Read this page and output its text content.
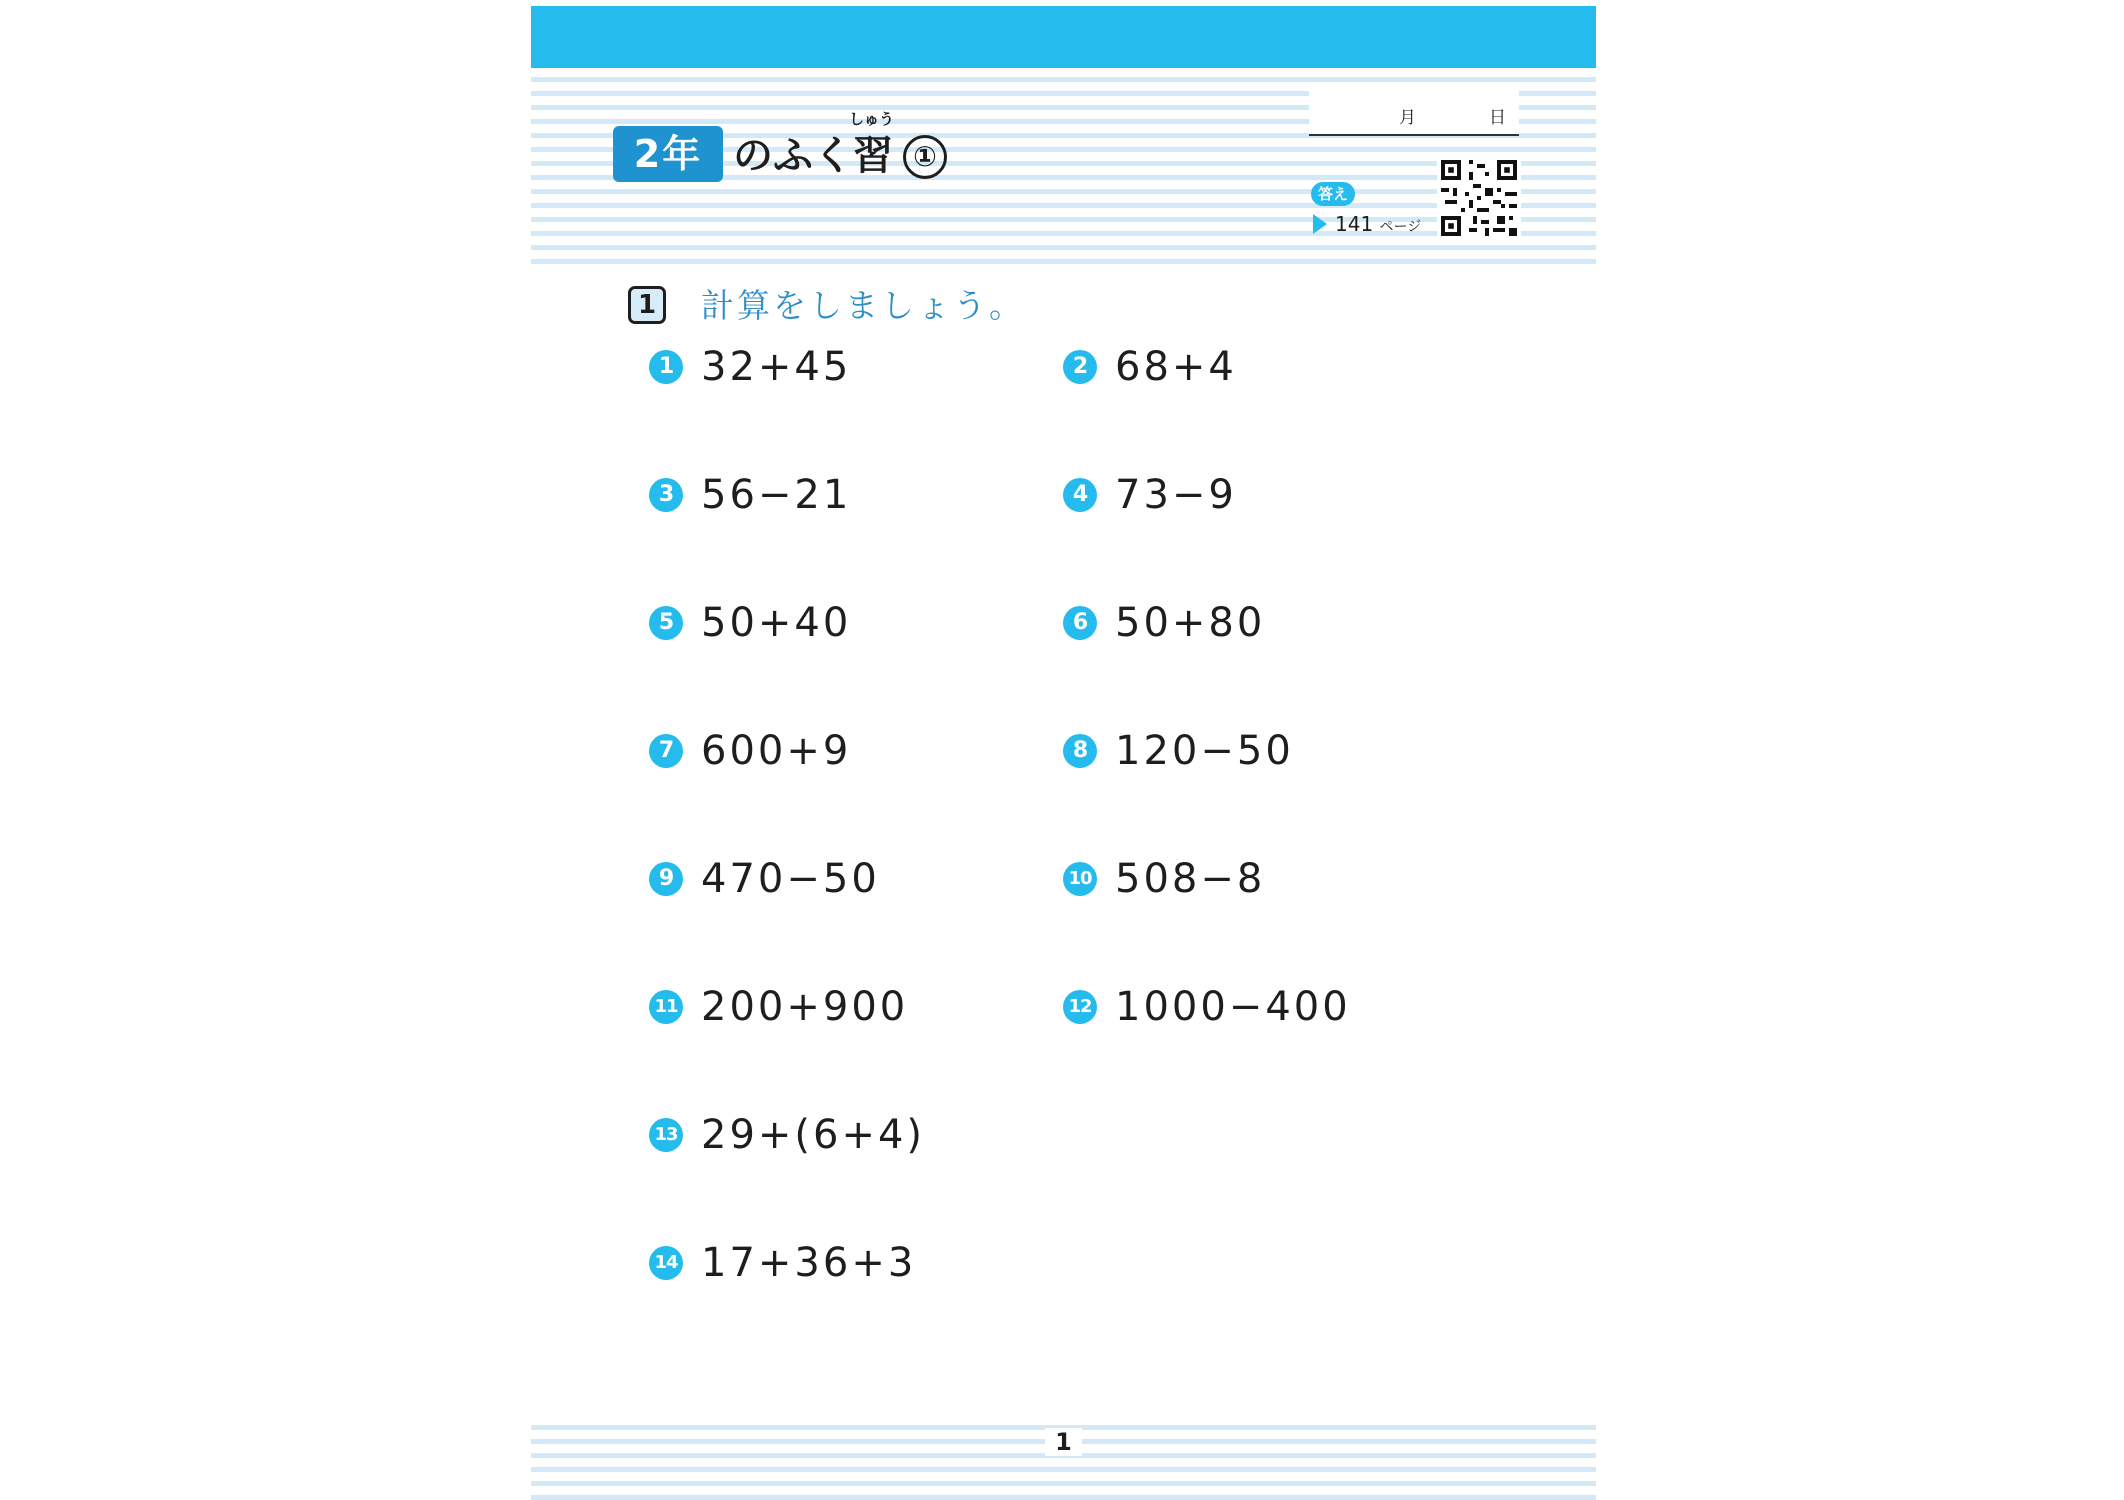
2年
しゅう
のふく習 ①
月	日
答え
141 ページ
1	計算をしましょう。
1 32+45	2 68+4
3 56−21	4 73−9
5 50+40	6 50+80
7 600+9	8 120−50
9 470−50	10 508−8
11 200+900	12 1000−400
13 29+(6+4)
14 17+36+3
1
